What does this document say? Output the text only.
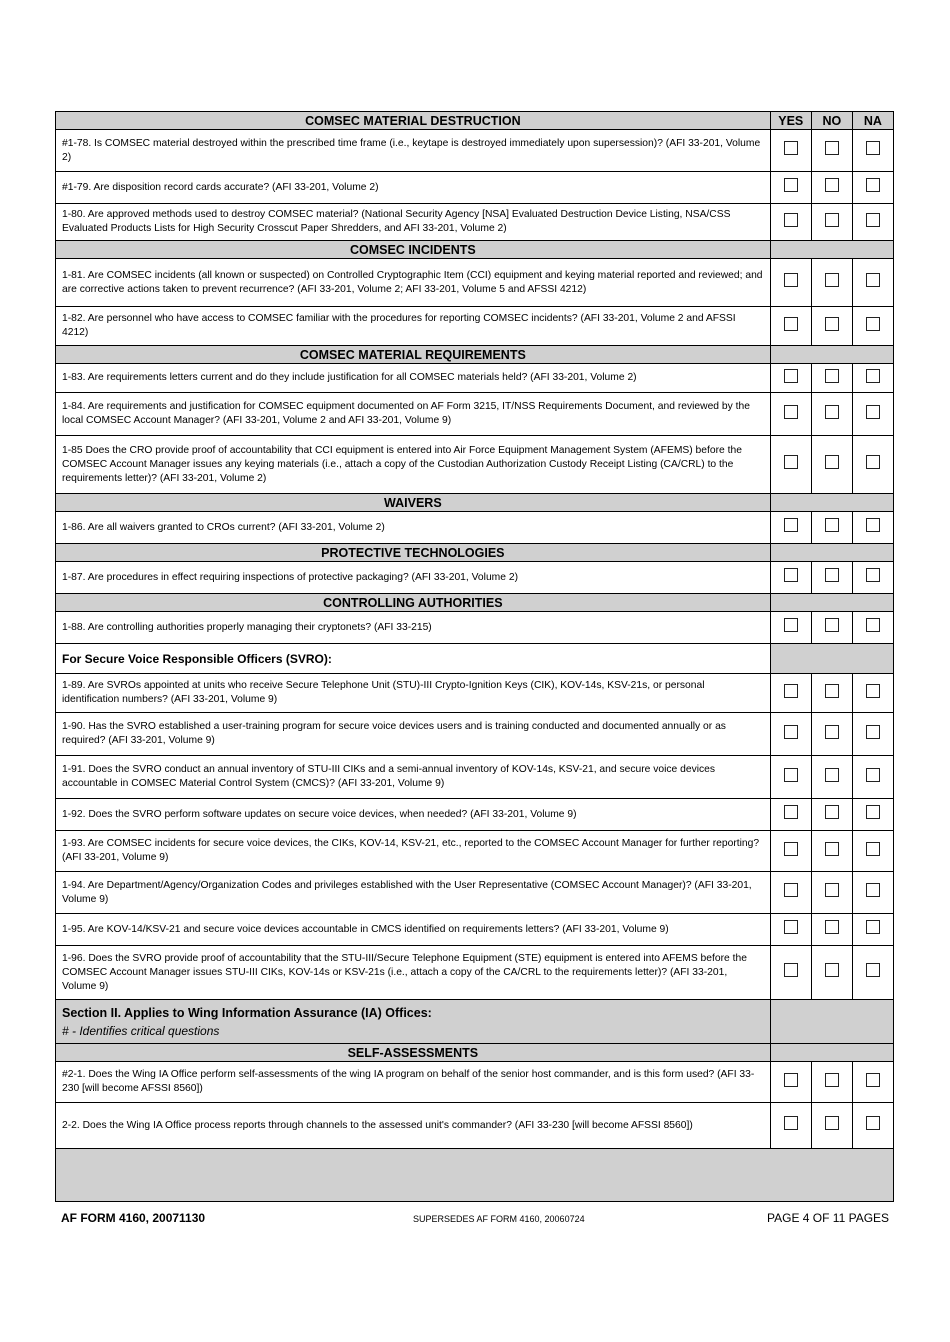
COMSEC MATERIAL DESTRUCTION	YES	NO	NA
#1-78. Is COMSEC material destroyed within the prescribed time frame (i.e., keytape is destroyed immediately upon supersession)? (AFI 33-201, Volume 2)			
#1-79. Are disposition record cards accurate? (AFI 33-201, Volume 2)			
1-80. Are approved methods used to destroy COMSEC material? (National Security Agency [NSA] Evaluated Destruction Device Listing, NSA/CSS Evaluated Products Lists for High Security Crosscut Paper Shredders, and AFI 33-201, Volume 2)			
COMSEC INCIDENTS			
1-81. Are COMSEC incidents (all known or suspected) on Controlled Cryptographic Item (CCI) equipment and keying material reported and reviewed; and are corrective actions taken to prevent recurrence? (AFI 33-201, Volume 2; AFI 33-201, Volume 5 and AFSSI 4212)			
1-82. Are personnel who have access to COMSEC familiar with the procedures for reporting COMSEC incidents? (AFI 33-201, Volume 2 and AFSSI 4212)			
COMSEC MATERIAL REQUIREMENTS			
1-83. Are requirements letters current and do they include justification for all COMSEC materials held? (AFI 33-201, Volume 2)			
1-84. Are requirements and justification for COMSEC equipment documented on AF Form 3215, IT/NSS Requirements Document, and reviewed by the local COMSEC Account Manager? (AFI 33-201, Volume 2 and AFI 33-201, Volume 9)			
1-85 Does the CRO provide proof of accountability that CCI equipment is entered into Air Force Equipment Management System (AFEMS) before the COMSEC Account Manager issues any keying materials (i.e., attach a copy of the Custodian Authorization Custody Receipt Listing (CA/CRL) to the requirements letter)? (AFI 33-201, Volume 2)			
WAIVERS			
1-86. Are all waivers granted to CROs current? (AFI 33-201, Volume 2)			
PROTECTIVE TECHNOLOGIES			
1-87. Are procedures in effect requiring inspections of protective packaging? (AFI 33-201, Volume 2)			
CONTROLLING AUTHORITIES			
1-88. Are controlling authorities properly managing their cryptonets? (AFI 33-215)			
For Secure Voice Responsible Officers (SVRO):			
1-89. Are SVROs appointed at units who receive Secure Telephone Unit (STU)-III Crypto-Ignition Keys (CIK), KOV-14s, KSV-21s, or personal identification numbers? (AFI 33-201, Volume 9)			
1-90. Has the SVRO established a user-training program for secure voice devices users and is training conducted and documented annually or as required? (AFI 33-201, Volume 9)			
1-91. Does the SVRO conduct an annual inventory of STU-III CIKs and a semi-annual inventory of KOV-14s, KSV-21, and secure voice devices accountable in COMSEC Material Control System (CMCS)? (AFI 33-201, Volume 9)			
1-92. Does the SVRO perform software updates on secure voice devices, when needed? (AFI 33-201, Volume 9)			
1-93. Are COMSEC incidents for secure voice devices, the CIKs, KOV-14, KSV-21, etc., reported to the COMSEC Account Manager for further reporting? (AFI 33-201, Volume 9)			
1-94. Are Department/Agency/Organization Codes and privileges established with the User Representative (COMSEC Account Manager)? (AFI 33-201, Volume 9)			
1-95. Are KOV-14/KSV-21 and secure voice devices accountable in CMCS identified on requirements letters? (AFI 33-201, Volume 9)			
1-96. Does the SVRO provide proof of accountability that the STU-III/Secure Telephone Equipment (STE) equipment is entered into AFEMS before the COMSEC Account Manager issues STU-III CIKs, KOV-14s or KSV-21s (i.e., attach a copy of the CA/CRL to the requirements letter)? (AFI 33-201, Volume 9)			

Section II. Applies to Wing Information Assurance (IA) Offices:
# - Identifies critical questions			

SELF-ASSESSMENTS			
#2-1. Does the Wing IA Office perform self-assessments of the wing IA program on behalf of the senior host commander, and is this form used? (AFI 33-230 [will become AFSSI 8560])			
2-2. Does the Wing IA Office process reports through channels to the assessed unit's commander? (AFI 33-230 [will become AFSSI 8560])			

AF FORM 4160, 20071130	SUPERSEDES AF FORM 4160, 20060724	PAGE 4 OF 11 PAGES
